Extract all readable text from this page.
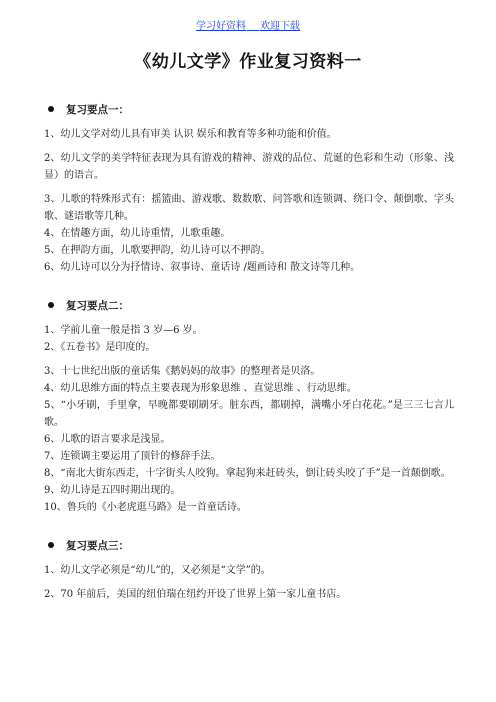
学习好资料   欢迎下载
《幼儿文学》作业复习资料一
复习要点一：
1、幼儿文学对幼儿具有审美 认识 娱乐和教育等多种功能和价值。
2、幼儿文学的美学特征表现为具有游戏的精神、游戏的品位、荒诞的色彩和生动（形象、浅显）的语言。
3、儿歌的特殊形式有：摇篮曲、游戏歌、数数歌、问答歌和连锁调、绕口令、颠倒歌、字头歌、谜语歌等几种。
4、在情趣方面，幼儿诗重情，儿歌重趣。
5、在押韵方面，儿歌要押韵，幼儿诗可以不押韵。
6、幼儿诗可以分为抒情诗、叙事诗、童话诗 /题画诗和 散文诗等几种。
复习要点二：
1、学前儿童一般是指 3 岁—6 岁。
2、《五卷书》是印度的。
3、十七世纪出版的童话集《鹅妈妈的故事》的整理者是贝洛。
4、幼儿思维方面的特点主要表现为形象思维 、直觉思维 、行动思维。
5、“小牙刷，手里拿，早晚都要刷刷牙。脏东西，都刷掉，满嘴小牙白花花。”是三三七言儿歌。
6、儿歌的语言要求是浅显。
7、连锁调主要运用了顶针的修辞手法。
8、“南北大街东西走，十字街头人咬狗。拿起狗来赶砖头，倒让砖头咬了手”是一首颠倒歌。
9、幼儿诗是五四时期出现的。
10、鲁兵的《小老虎逛马路》是一首童话诗。
复习要点三：
1、幼儿文学必须是“幼儿”的，又必须是“文学”的。
2、70 年前后，美国的纽伯瑞在纽约开设了世界上第一家儿童书店。
